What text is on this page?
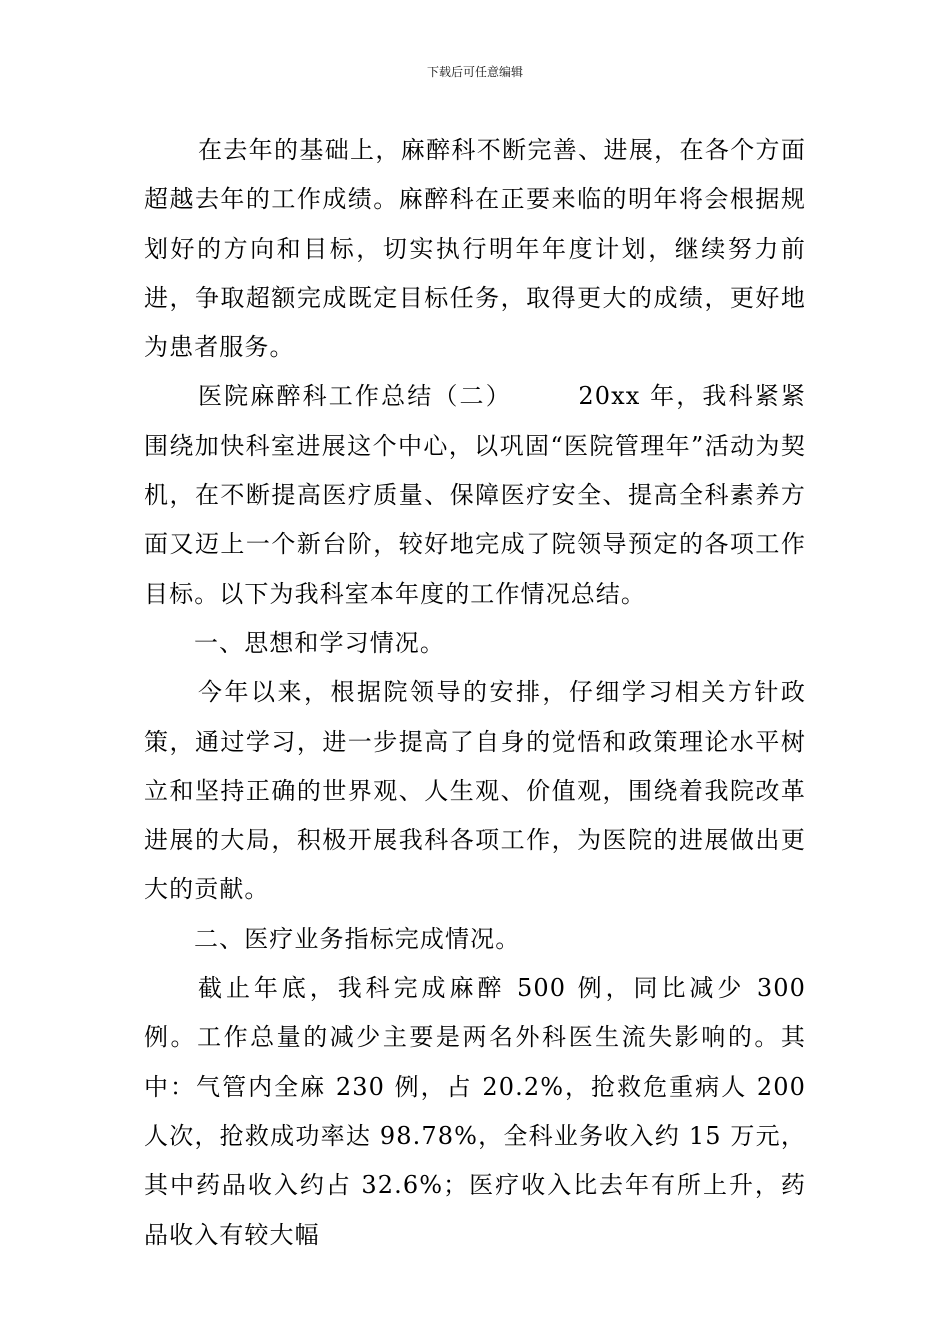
下载后可任意编辑

在去年的基础上，麻醉科不断完善、进展，在各个方面超越去年的工作成绩。麻醉科在正要来临的明年将会根据规划好的方向和目标，切实执行明年年度计划，继续努力前进，争取超额完成既定目标任务，取得更大的成绩，更好地为患者服务。

医院麻醉科工作总结（二）　　　20xx 年，我科紧紧围绕加快科室进展这个中心，以巩固“医院管理年”活动为契机，在不断提高医疗质量、保障医疗安全、提高全科素养方面又迈上一个新台阶，较好地完成了院领导预定的各项工作目标。以下为我科室本年度的工作情况总结。

一、思想和学习情况。

今年以来，根据院领导的安排，仔细学习相关方针政策，通过学习，进一步提高了自身的觉悟和政策理论水平树立和坚持正确的世界观、人生观、价值观，围绕着我院改革进展的大局，积极开展我科各项工作，为医院的进展做出更大的贡献。

二、医疗业务指标完成情况。

截止年底，我科完成麻醉 500 例，同比减少 300 例。工作总量的减少主要是两名外科医生流失影响的。其中：气管内全麻 230 例，占 20.2%，抢救危重病人 200 人次，抢救成功率达 98.78%，全科业务收入约 15 万元，其中药品收入约占 32.6%；医疗收入比去年有所上升，药品收入有较大幅
